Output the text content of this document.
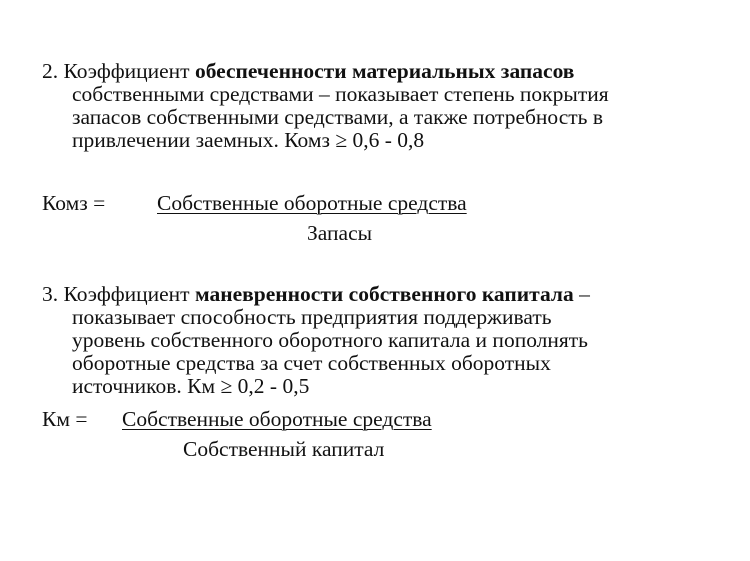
2. Коэффициент обеспеченности материальных запасов
собственными средствами – показывает степень покрытия
запасов собственными средствами, а также потребность в
привлечении заемных. Комз ≥ 0,6 - 0,8

Комз = Собственные оборотные средства
Запасы

3. Коэффициент маневренности собственного капитала –
показывает способность предприятия поддерживать
уровень собственного оборотного капитала и пополнять
оборотные средства за счет собственных оборотных
источников. Км ≥ 0,2 - 0,5

Км = Собственные оборотные средства
Собственный капитал
